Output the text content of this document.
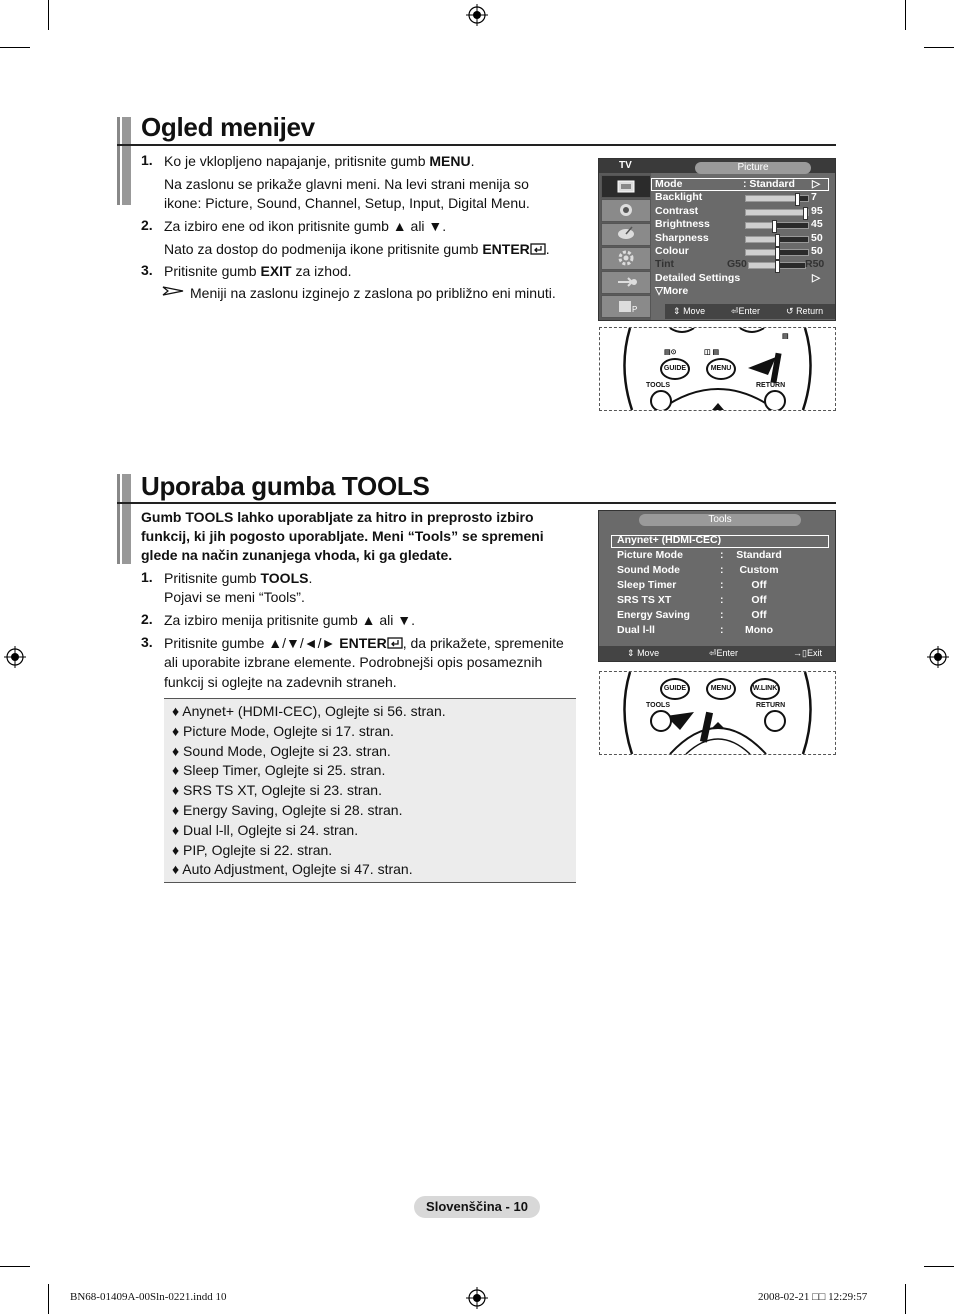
Ogled menijev
1. Ko je vklopljeno napajanje, pritisnite gumb MENU.
Na zaslonu se prikaže glavni meni. Na levi strani menija so
ikone: Picture, Sound, Channel, Setup, Input, Digital Menu.
2. Za izbiro ene od ikon pritisnite gumb ▲ ali ▼.
Nato za dostop do podmenija ikone pritisnite gumb ENTER .
3. Pritisnite gumb EXIT za izhod.
Meniji na zaslonu izginejo z zaslona po približno eni minuti.
TV	Picture
P
Mode	: Standard ▷
Backlight	7
Contrast	95
Brightness	45
Sharpness	50
Colour	50
Tint	G50	R50
Detailed Settings	▷
▽More
⇕ Move	⏎Enter	↺ Return
▤⊙	◫ ▤
▤
GUIDE	MENU
TOOLS	RETURN
Uporaba gumba TOOLS
Gumb TOOLS lahko uporabljate za hitro in preprosto izbiro
funkcij, ki jih pogosto uporabljate. Meni “Tools” se spremeni
glede na način zunanjega vhoda, ki ga gledate.
1. Pritisnite gumb TOOLS.
Pojavi se meni “Tools”.
2. Za izbiro menija pritisnite gumb ▲ ali ▼.
3. Pritisnite gumbe ▲/▼/◄/► ENTER , da prikažete, spremenite
ali uporabite izbrane elemente. Podrobnejši opis posameznih
funkcij si oglejte na zadevnih straneh.
♦ Anynet+ (HDMI-CEC), Oglejte si 56. stran.
♦ Picture Mode, Oglejte si 17. stran.
♦ Sound Mode, Oglejte si 23. stran.
♦ Sleep Timer, Oglejte si 25. stran.
♦ SRS TS XT, Oglejte si 23. stran.
♦ Energy Saving, Oglejte si 28. stran.
♦ Dual l-ll, Oglejte si 24. stran.
♦ PIP, Oglejte si 22. stran.
♦ Auto Adjustment, Oglejte si 47. stran.
Tools
Anynet+ (HDMI-CEC)
Picture Mode	: Standard
Sound Mode	:	Custom
Sleep Timer	:	Off
SRS TS XT	:	Off
Energy Saving	:	Off
Dual l-ll	:	Mono
⇕ Move	⏎Enter	→▯Exit
GUIDE	MENU	W.LINK
TOOLS	RETURN
Slovenščina - 10
BN68-01409A-00Sln-0221.indd 10	2008-02-21 □□ 12:29:57
